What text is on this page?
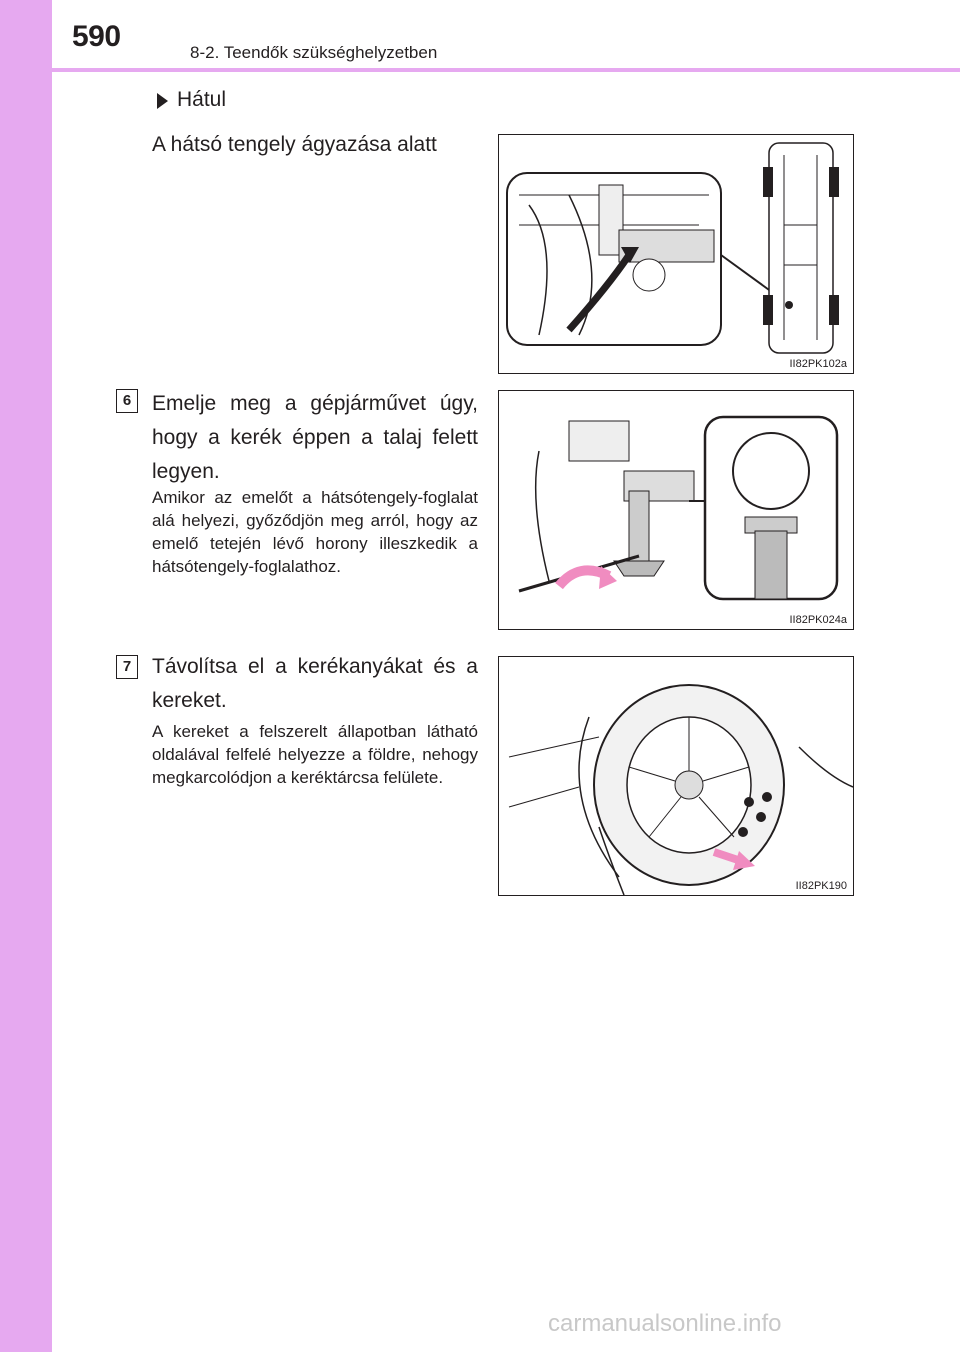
590	8-2. Teendők szükséghelyzetben
Hátul
A hátsó tengely ágyazása alatt
II82PK102a
6 Emelje meg a gépjárművet úgy, hogy a kerék éppen a talaj felett legyen.
Amikor az emelőt a hátsótengely-foglalat alá helyezi, győződjön meg arról, hogy az emelő tetején lévő horony illeszkedik a hátsótengely-foglalathoz.
II82PK024a
7 Távolítsa el a kerékanyákat és a kereket.
A kereket a felszerelt állapotban látható oldalával felfelé helyezze a földre, nehogy megkarcolódjon a keréktárcsa felülete.
II82PK190
carmanualsonline.info
